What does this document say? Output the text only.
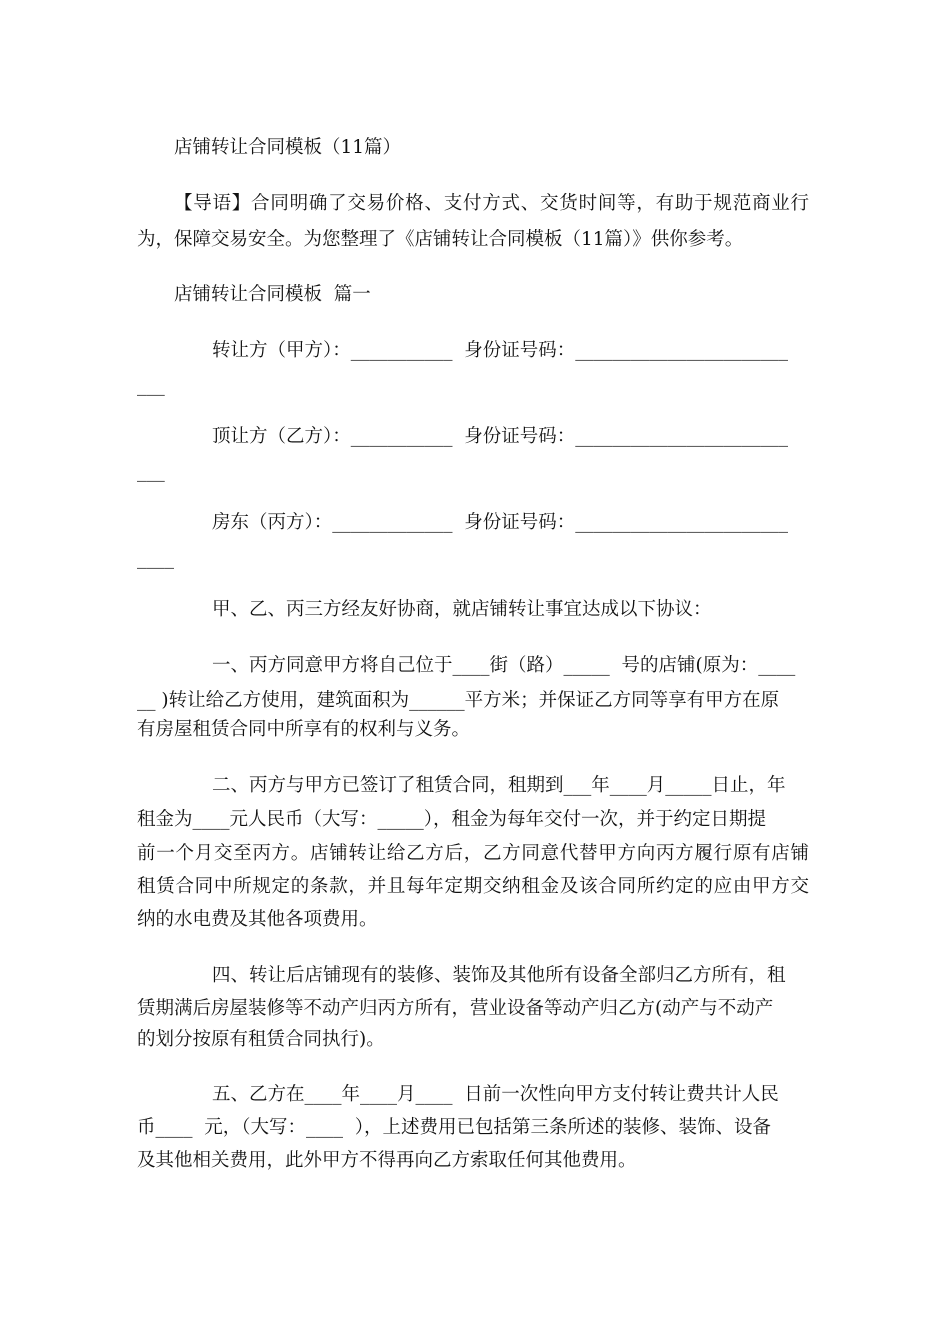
店铺转让合同模板（11篇）
【导语】合同明确了交易价格、支付方式、交货时间等，有助于规范商业行
为，保障交易安全。为您整理了《店铺转让合同模板（11篇）》供你参考。
店铺转让合同模板  篇一
转让方（甲方）：___________  身份证号码：_______________________
___
顶让方（乙方）：___________  身份证号码：_______________________
___
房东（丙方）：_____________  身份证号码：_______________________
____
甲、乙、丙三方经友好协商，就店铺转让事宜达成以下协议：
一、丙方同意甲方将自己位于____街（路）_____  号的店铺(原为：____
__ )转让给乙方使用，建筑面积为______平方米；并保证乙方同等享有甲方在原
有房屋租赁合同中所享有的权利与义务。
二、丙方与甲方已签订了租赁合同，租期到___年____月_____日止，年
租金为____元人民币（大写：_____），租金为每年交付一次，并于约定日期提
前一个月交至丙方。店铺转让给乙方后，乙方同意代替甲方向丙方履行原有店铺
租赁合同中所规定的条款，并且每年定期交纳租金及该合同所约定的应由甲方交
纳的水电费及其他各项费用。
四、转让后店铺现有的装修、装饰及其他所有设备全部归乙方所有，租
赁期满后房屋装修等不动产归丙方所有，营业设备等动产归乙方(动产与不动产
的划分按原有租赁合同执行)。
五、乙方在____年____月____  日前一次性向甲方支付转让费共计人民
币____  元，（大写：____  ），上述费用已包括第三条所述的装修、装饰、设备
及其他相关费用，此外甲方不得再向乙方索取任何其他费用。
